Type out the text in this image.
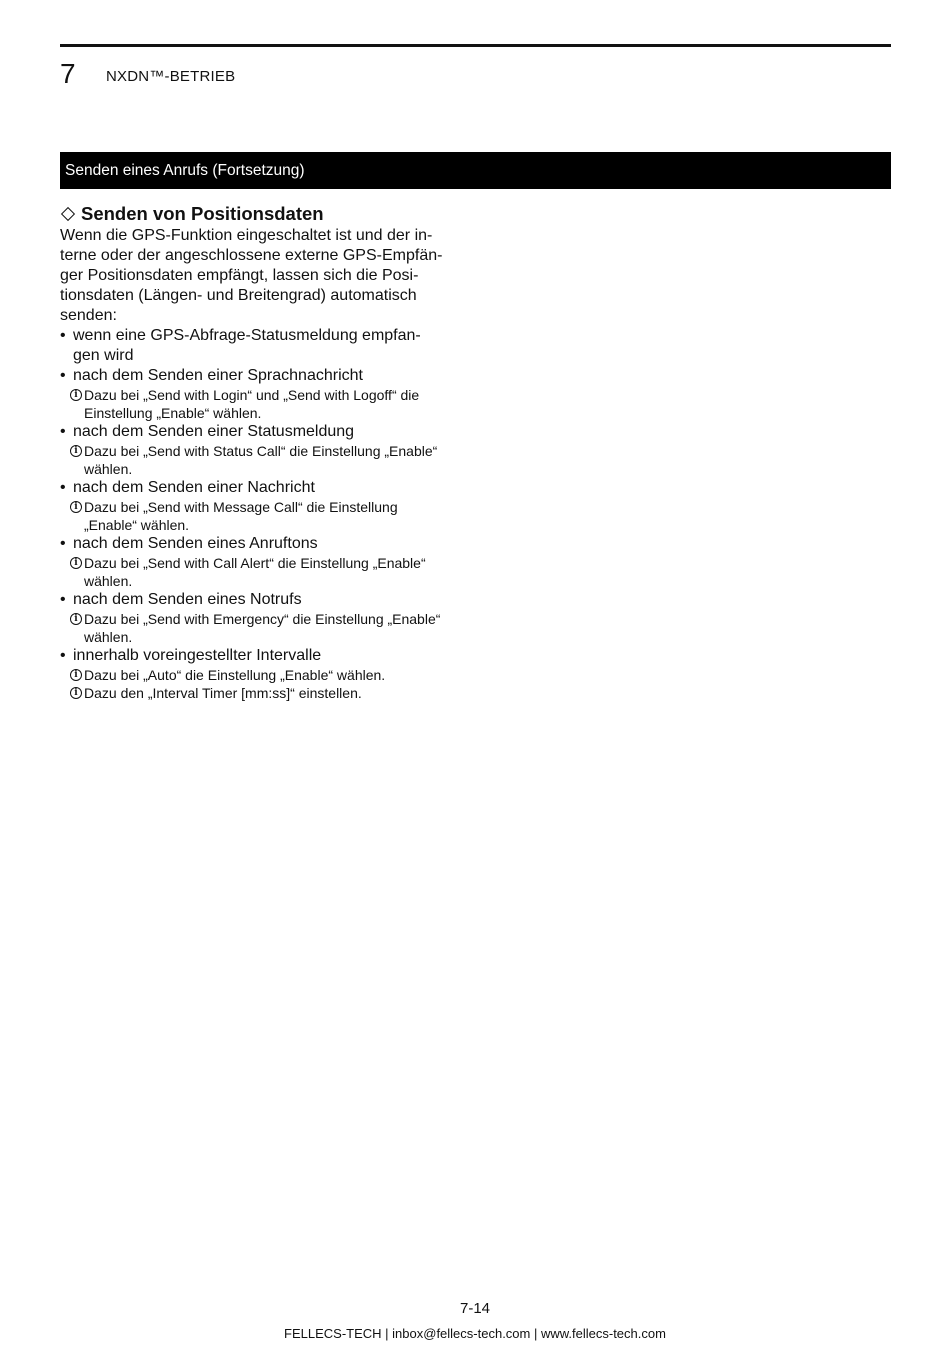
7 NXDN™-BETRIEB
Senden eines Anrufs (Fortsetzung)
Senden von Positionsdaten
Wenn die GPS-Funktion eingeschaltet ist und der in-
terne oder der angeschlossene externe GPS-Empfän-
ger Positionsdaten empfängt, lassen sich die Posi-
tionsdaten (Längen- und Breitengrad) automatisch
senden:
• wenn eine GPS-Abfrage-Statusmeldung empfan-
gen wird
• nach dem Senden einer Sprachnachricht
i Dazu bei „Send with Login“ und „Send with Logoff“ die
Einstellung „Enable“ wählen.
• nach dem Senden einer Statusmeldung
i Dazu bei „Send with Status Call“ die Einstellung „Enable“
wählen.
• nach dem Senden einer Nachricht
i Dazu bei „Send with Message Call“ die Einstellung
„Enable“ wählen.
• nach dem Senden eines Anruftons
i Dazu bei „Send with Call Alert“ die Einstellung „Enable“
wählen.
• nach dem Senden eines Notrufs
i Dazu bei „Send with Emergency“ die Einstellung „Enable“
wählen.
• innerhalb voreingestellter Intervalle
i Dazu bei „Auto“ die Einstellung „Enable“ wählen.
i Dazu den „Interval Timer [mm:ss]“ einstellen.
7-14
FELLECS-TECH | inbox@fellecs-tech.com | www.fellecs-tech.com
